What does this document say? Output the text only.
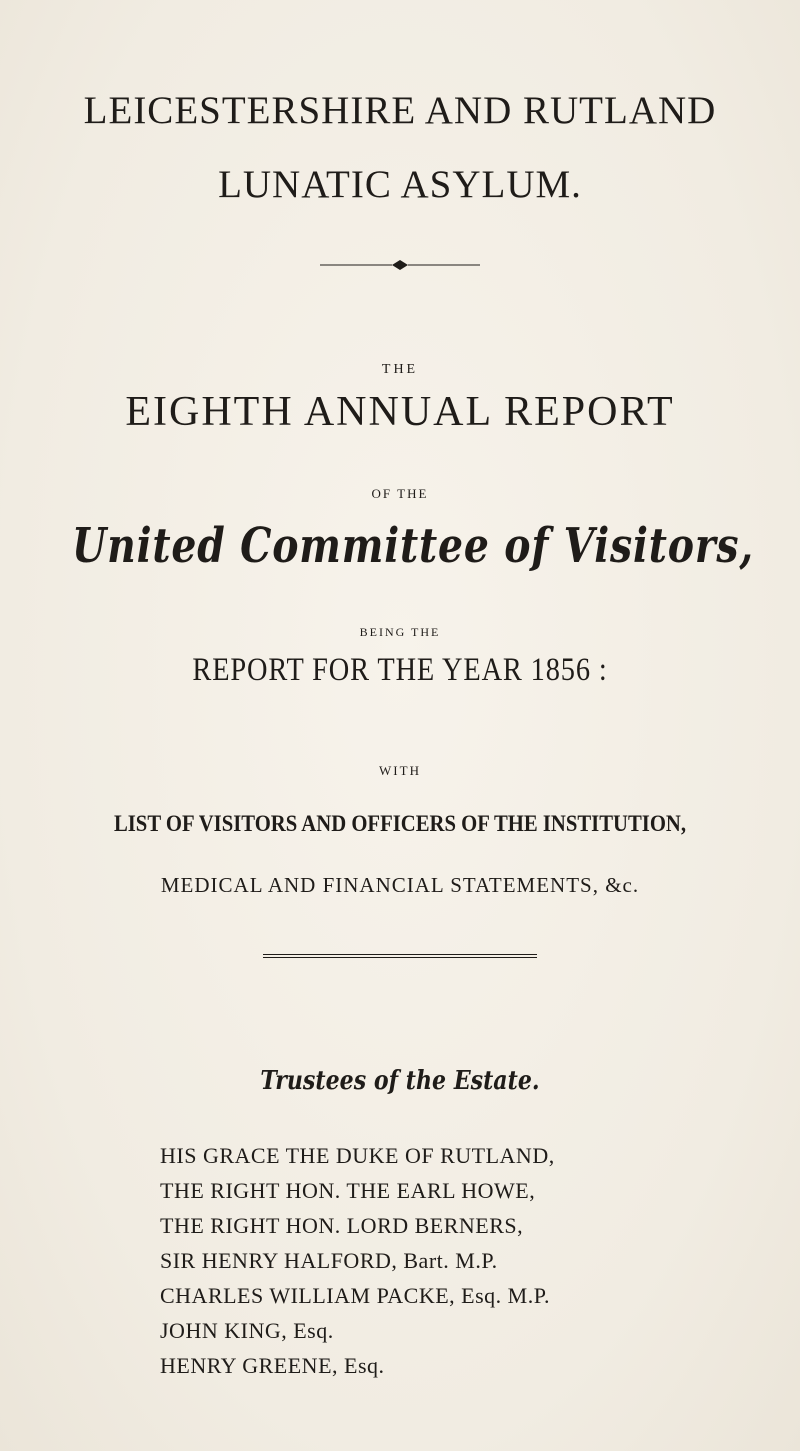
LEICESTERSHIRE AND RUTLAND
LUNATIC ASYLUM.
THE
EIGHTH ANNUAL REPORT
OF THE
United Committee of Visitors,
BEING THE
REPORT FOR THE YEAR 1856 :
WITH
LIST OF VISITORS AND OFFICERS OF THE INSTITUTION,
MEDICAL AND FINANCIAL STATEMENTS, &c.
Trustees of the Estate.
HIS GRACE THE DUKE OF RUTLAND,
THE RIGHT HON. THE EARL HOWE,
THE RIGHT HON. LORD BERNERS,
SIR HENRY HALFORD, Bart. M.P.
CHARLES WILLIAM PACKE, Esq. M.P.
JOHN KING, Esq.
HENRY GREENE, Esq.
